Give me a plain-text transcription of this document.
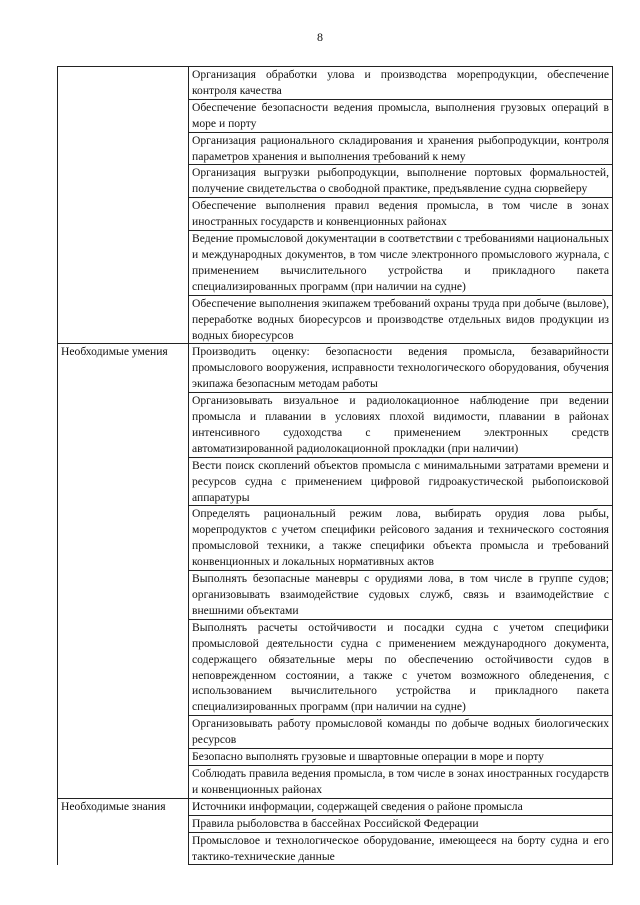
8
	Организация обработки улова и производства морепродукции, обеспечение контроля качества
	Обеспечение безопасности ведения промысла, выполнения грузовых операций в море и порту
	Организация рационального складирования и хранения рыбопродукции, контроля параметров хранения и выполнения требований к нему
	Организация выгрузки рыбопродукции, выполнение портовых формальностей, получение свидетельства о свободной практике, предъявление судна сюрвейеру
	Обеспечение выполнения правил ведения промысла, в том числе в зонах иностранных государств и конвенционных районах
	Ведение промысловой документации в соответствии с требованиями национальных и международных документов, в том числе электронного промыслового журнала, с применением вычислительного устройства и прикладного пакета специализированных программ (при наличии на судне)
	Обеспечение выполнения экипажем требований охраны труда при добыче (вылове), переработке водных биоресурсов и производстве отдельных видов продукции из водных биоресурсов
Необходимые умения	Производить оценку: безопасности ведения промысла, безаварийности промыслового вооружения, исправности технологического оборудования, обучения экипажа безопасным методам работы
	Организовывать визуальное и радиолокационное наблюдение при ведении промысла и плавании в условиях плохой видимости, плавании в районах интенсивного судоходства с применением электронных средств автоматизированной радиолокационной прокладки (при наличии)
	Вести поиск скоплений объектов промысла с минимальными затратами времени и ресурсов судна с применением цифровой гидроакустической рыбопоисковой аппаратуры
	Определять рациональный режим лова, выбирать орудия лова рыбы, морепродуктов с учетом специфики рейсового задания и технического состояния промысловой техники, а также специфики объекта промысла и требований конвенционных и локальных нормативных актов
	Выполнять безопасные маневры с орудиями лова, в том числе в группе судов; организовывать взаимодействие судовых служб, связь и взаимодействие с внешними объектами
	Выполнять расчеты остойчивости и посадки судна с учетом специфики промысловой деятельности судна с применением международного документа, содержащего обязательные меры по обеспечению остойчивости судов в неповрежденном состоянии, а также с учетом возможного обледенения, с использованием вычислительного устройства и прикладного пакета специализированных программ (при наличии на судне)
	Организовывать работу промысловой команды по добыче водных биологических ресурсов
	Безопасно выполнять грузовые и швартовные операции в море и порту
	Соблюдать правила ведения промысла, в том числе в зонах иностранных государств и конвенционных районах
Необходимые знания	Источники информации, содержащей сведения о районе промысла
	Правила рыболовства в бассейнах Российской Федерации
	Промысловое и технологическое оборудование, имеющееся на борту судна и его тактико-технические данные
